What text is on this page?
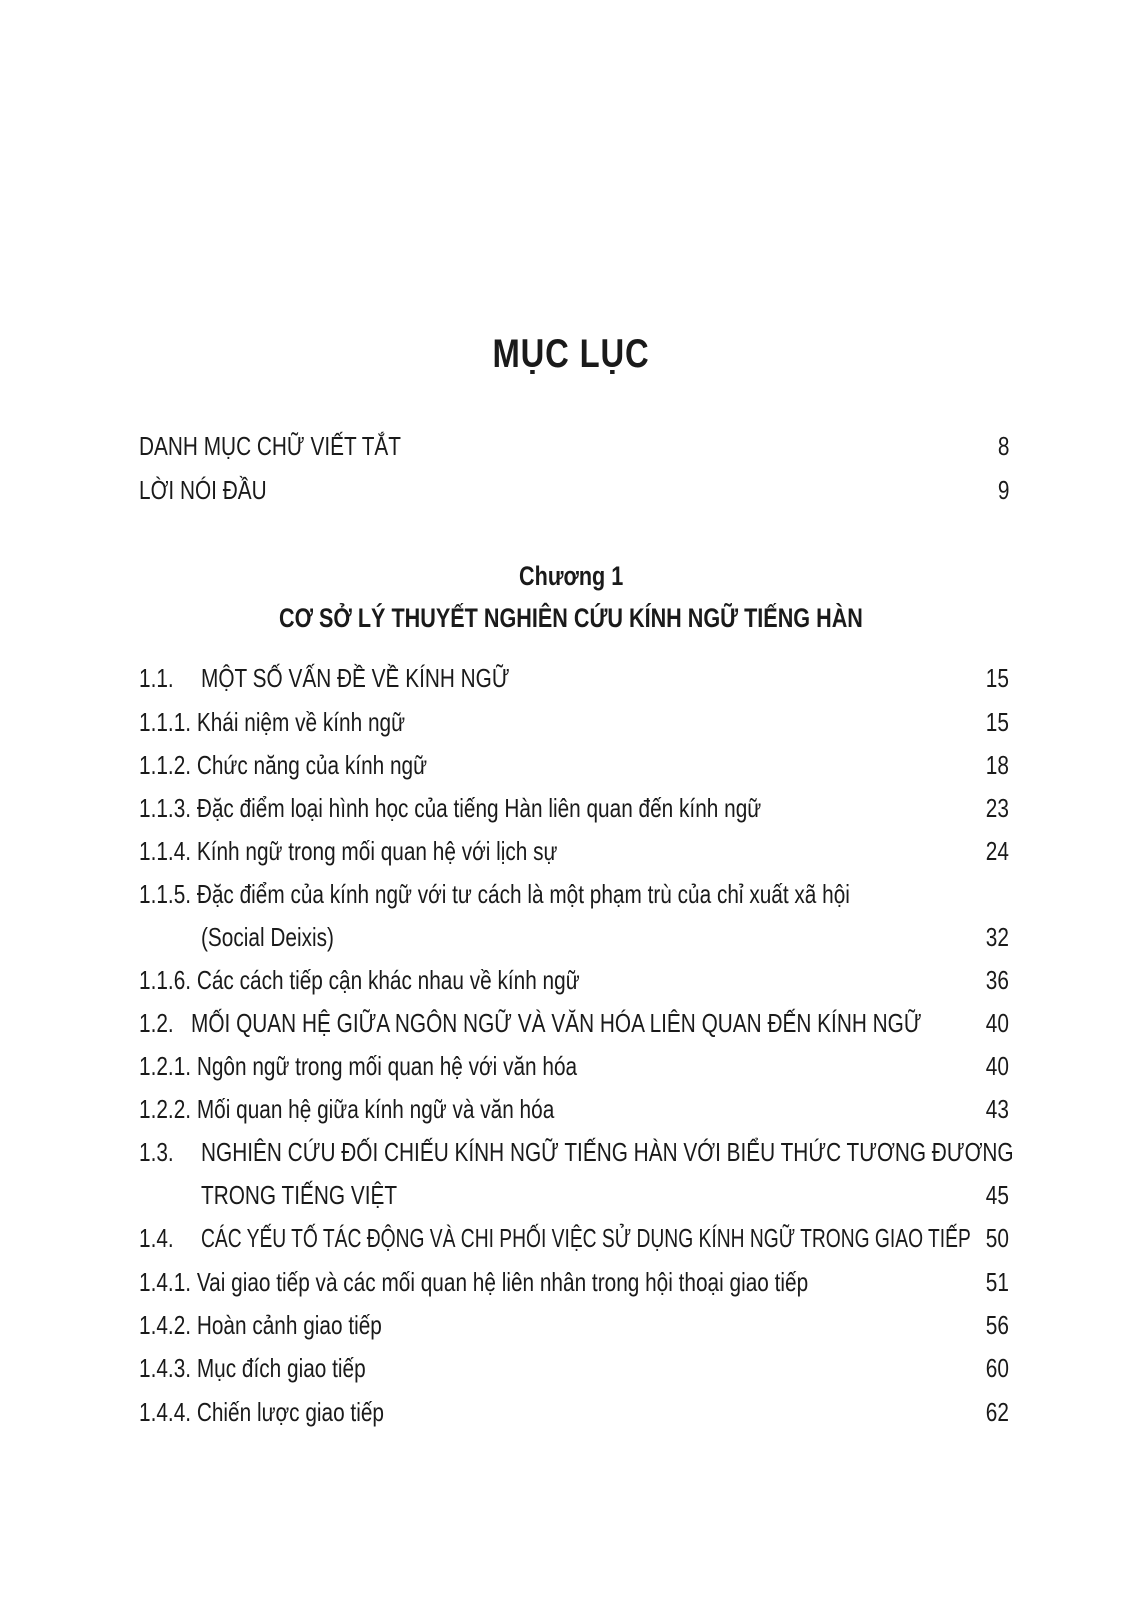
MỤC LỤC
DANH MỤC CHỮ VIẾT TẮT	8
LỜI NÓI ĐẦU	9
Chương 1
CƠ SỞ LÝ THUYẾT NGHIÊN CỨU KÍNH NGỮ TIẾNG HÀN
1.1. MỘT SỐ VẤN ĐỀ VỀ KÍNH NGỮ	15
1.1.1. Khái niệm về kính ngữ	15
1.1.2. Chức năng của kính ngữ	18
1.1.3. Đặc điểm loại hình học của tiếng Hàn liên quan đến kính ngữ	23
1.1.4. Kính ngữ trong mối quan hệ với lịch sự	24
1.1.5. Đặc điểm của kính ngữ với tư cách là một phạm trù của chỉ xuất xã hội
(Social Deixis)	32
1.1.6. Các cách tiếp cận khác nhau về kính ngữ	36
1.2. MỐI QUAN HỆ GIỮA NGÔN NGỮ VÀ VĂN HÓA LIÊN QUAN ĐẾN KÍNH NGỮ 40
1.2.1. Ngôn ngữ trong mối quan hệ với văn hóa	40
1.2.2. Mối quan hệ giữa kính ngữ và văn hóa	43
1.3. NGHIÊN CỨU ĐỐI CHIẾU KÍNH NGỮ TIẾNG HÀN VỚI BIỂU THỨC TƯƠNG ĐƯƠNG
TRONG TIẾNG VIỆT	45
1.4. CÁC YẾU TỐ TÁC ĐỘNG VÀ CHI PHỐI VIỆC SỬ DỤNG KÍNH NGỮ TRONG GIAO TIẾP 50
1.4.1. Vai giao tiếp và các mối quan hệ liên nhân trong hội thoại giao tiếp	51
1.4.2. Hoàn cảnh giao tiếp	56
1.4.3. Mục đích giao tiếp	60
1.4.4. Chiến lược giao tiếp	62
